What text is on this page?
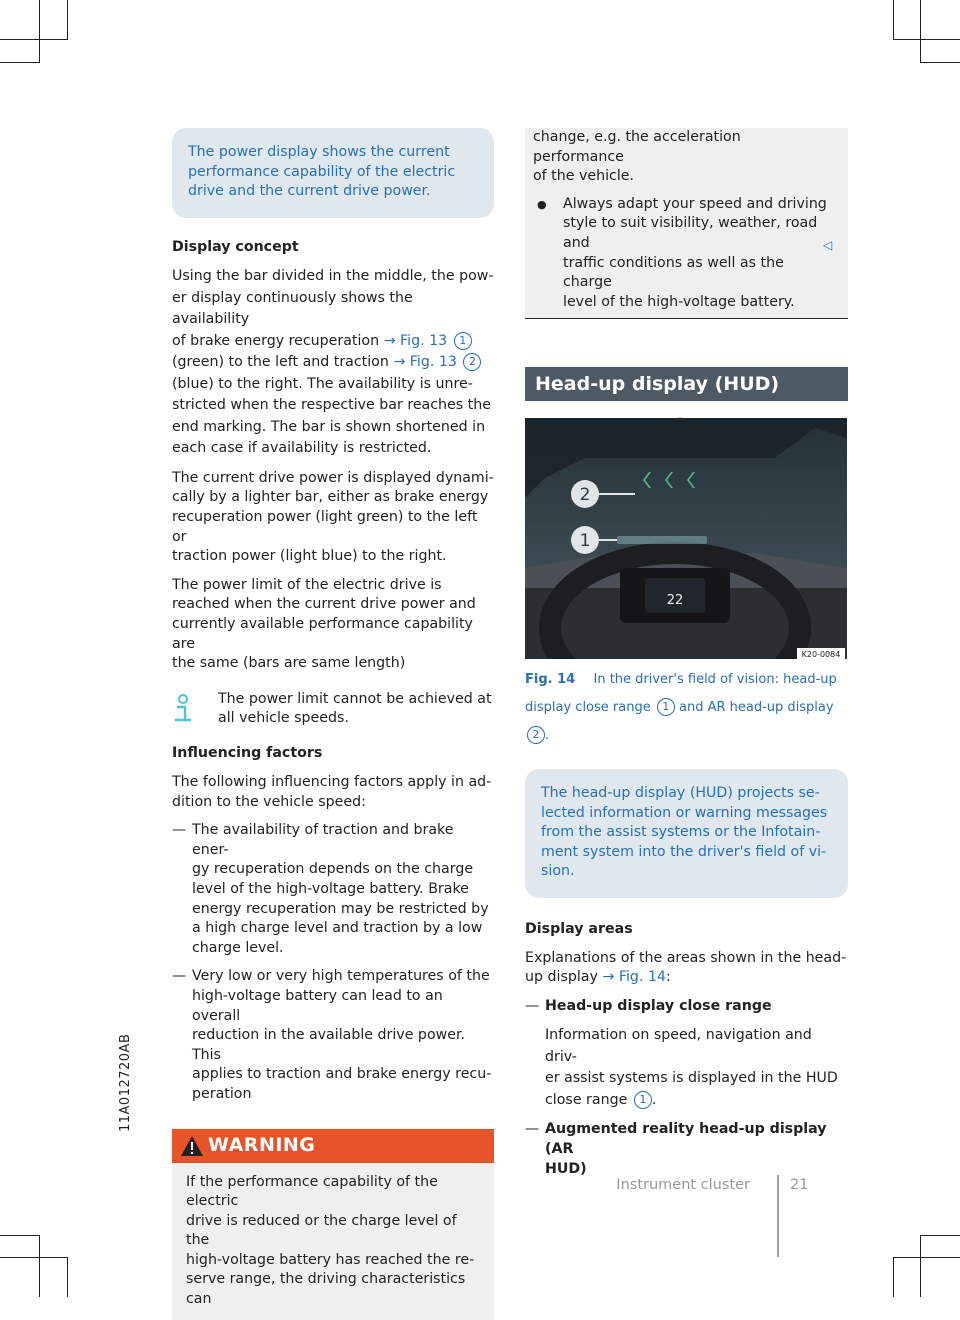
11A012720AB
The power display shows the current
performance capability of the electric
drive and the current drive power.

Display concept

Using the bar divided in the middle, the pow-
er display continuously shows the availability
of brake energy recuperation → Fig. 13 1
(green) to the left and traction → Fig. 13 2
(blue) to the right. The availability is unre-
stricted when the respective bar reaches the
end marking. The bar is shown shortened in
each case if availability is restricted.

The current drive power is displayed dynami-
cally by a lighter bar, either as brake energy
recuperation power (light green) to the left or
traction power (light blue) to the right.

The power limit of the electric drive is
reached when the current drive power and
currently available performance capability are
the same (bars are same length)

The power limit cannot be achieved at
all vehicle speeds.

Influencing factors

The following influencing factors apply in ad-
dition to the vehicle speed:

— The availability of traction and brake ener-
gy recuperation depends on the charge
level of the high-voltage battery. Brake
energy recuperation may be restricted by
a high charge level and traction by a low
charge level.
— Very low or very high temperatures of the
high-voltage battery can lead to an overall
reduction in the available drive power. This
applies to traction and brake energy recu-
peration
WARNING
If the performance capability of the electric
drive is reduced or the charge level of the
high-voltage battery has reached the re-
serve range, the driving characteristics can
change, e.g. the acceleration performance
of the vehicle.
●	Always adapt your speed and driving
style to suit visibility, weather, road and
traffic conditions as well as the charge
level of the high-voltage battery.
◁
Head-up display (HUD)

22
2
1
K20-0084
Fig. 14 In the driver's field of vision: head-up
display close range 1 and AR head-up display
2 .
The head-up display (HUD) projects se-
lected information or warning messages
from the assist systems or the Infotain-
ment system into the driver's field of vi-
sion.

Display areas

Explanations of the areas shown in the head-
up display → Fig. 14:

— Head-up display close range
Information on speed, navigation and driv-
er assist systems is displayed in the HUD
close range 1 .
— Augmented reality head-up display (AR
HUD)
Instrument cluster	21
